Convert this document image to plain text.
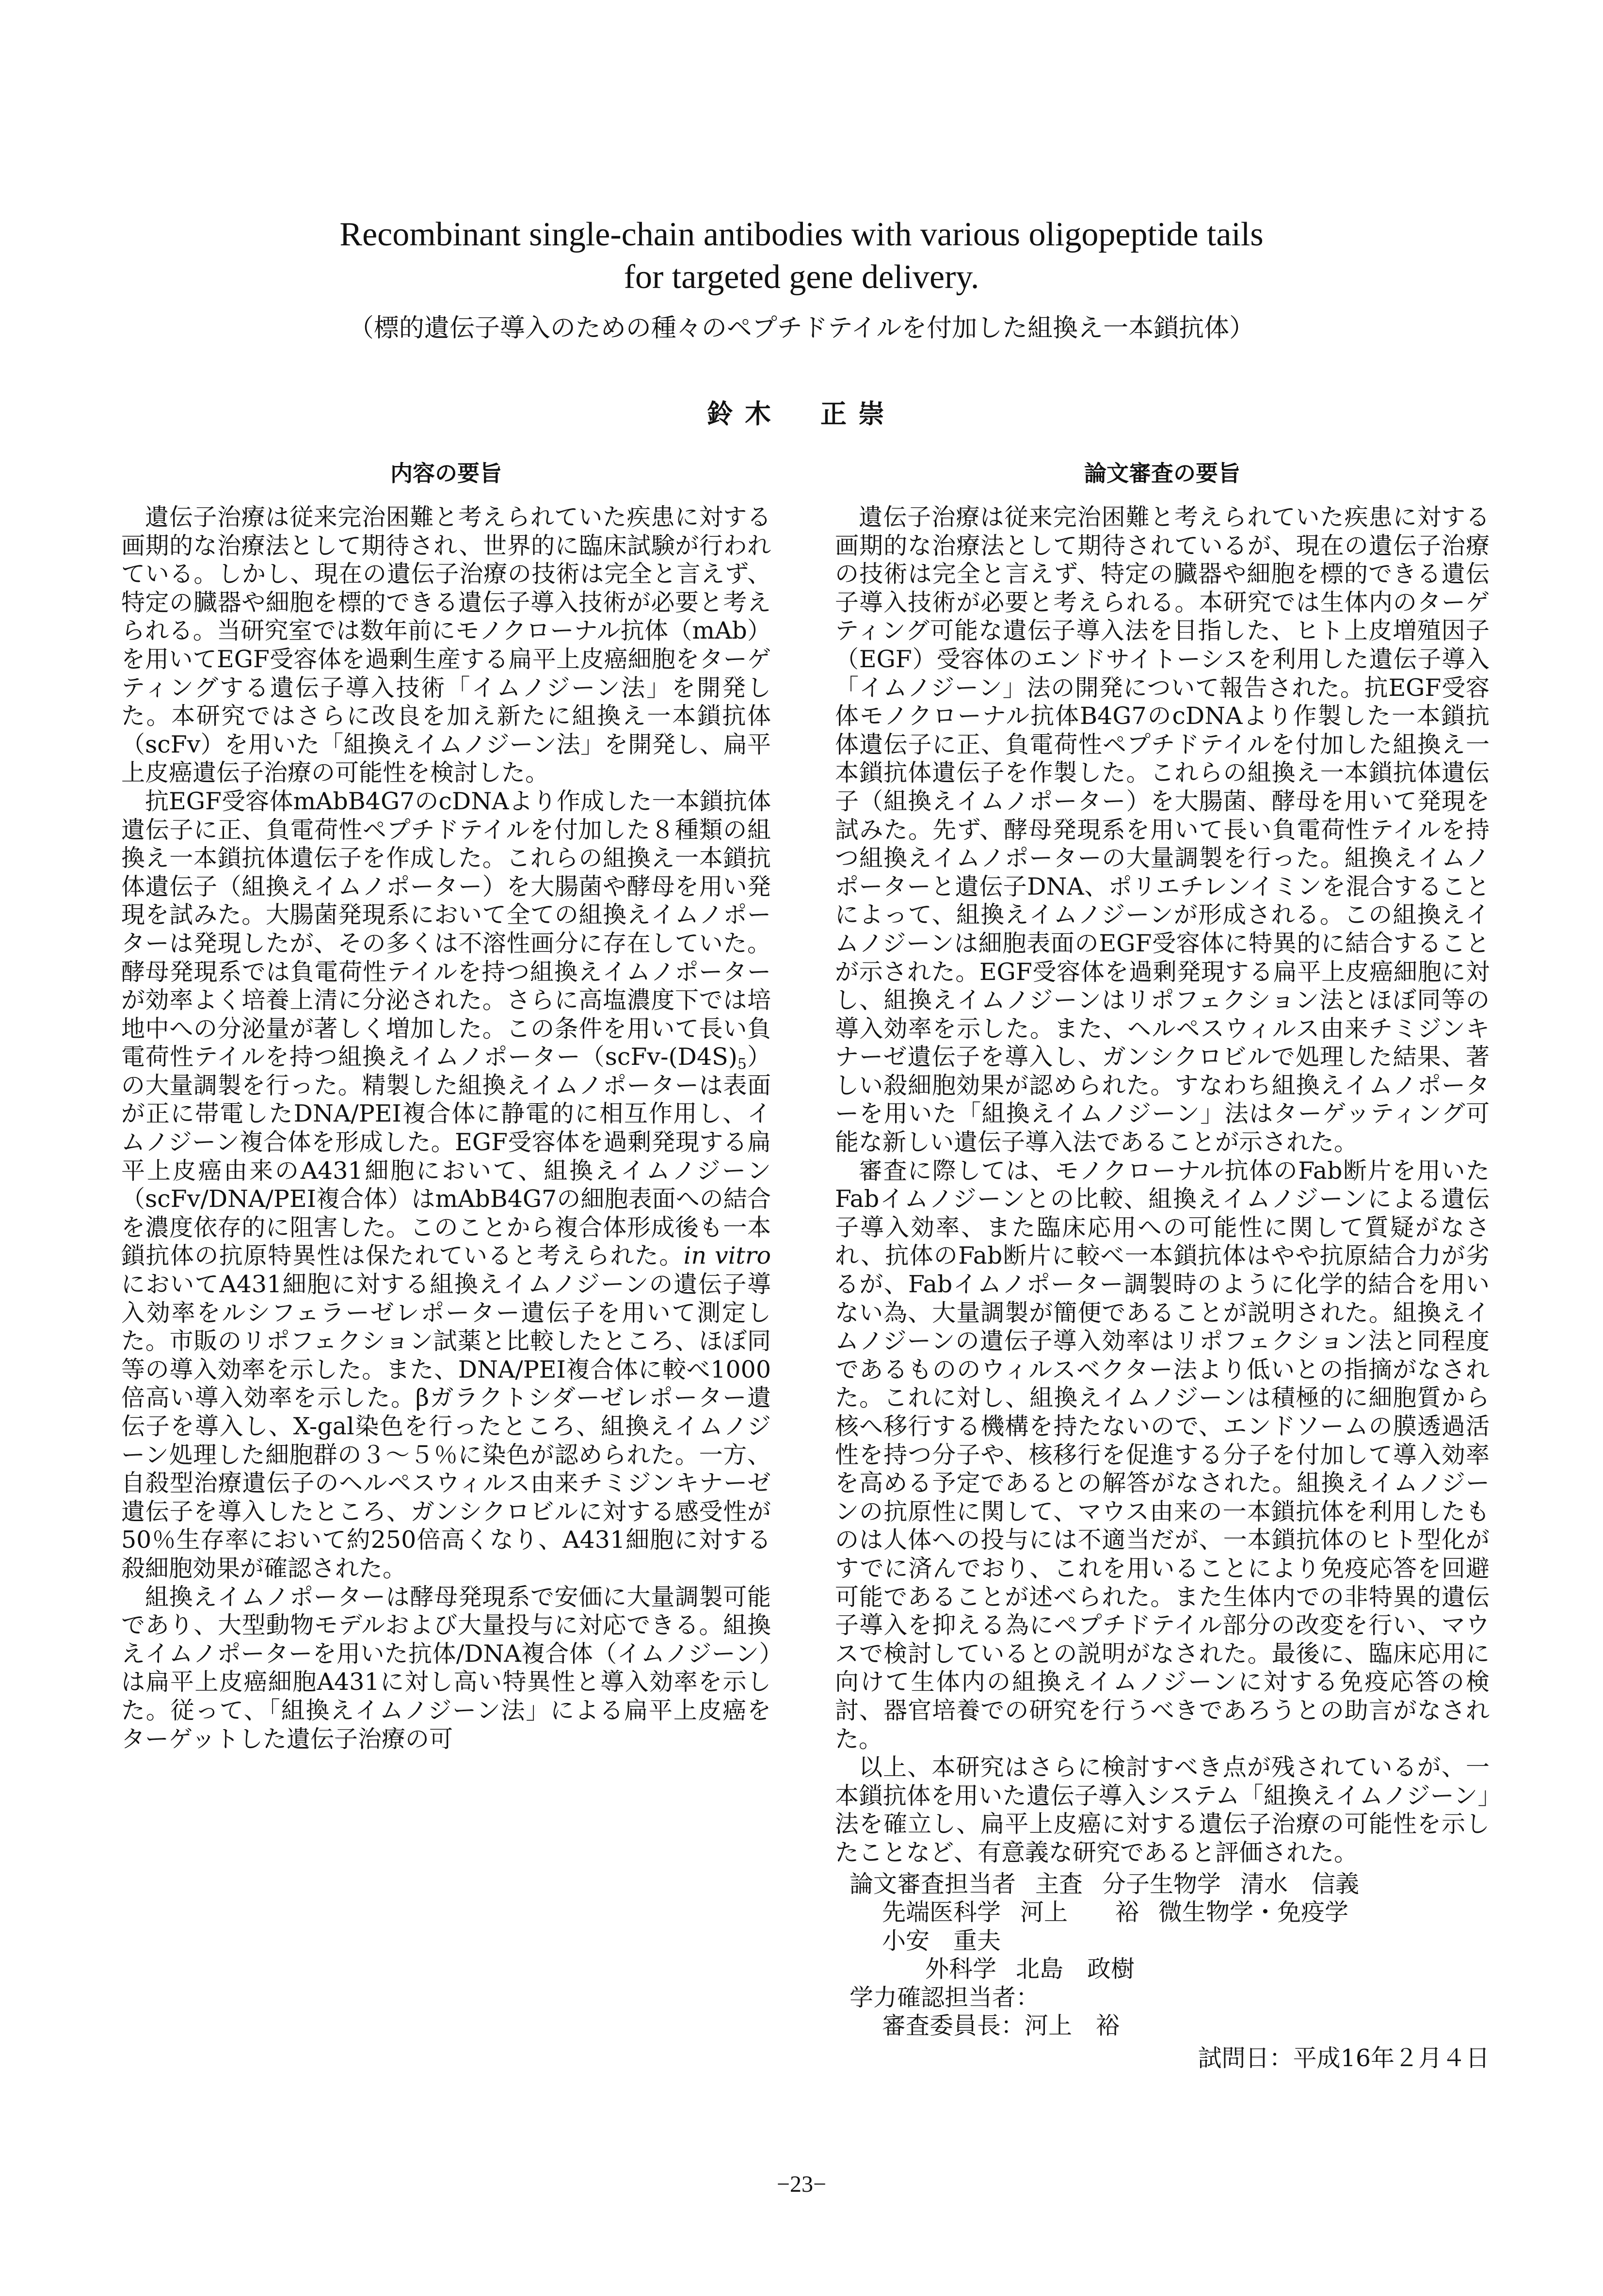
Recombinant single-chain antibodies with various oligopeptide tails
for targeted gene delivery.
（標的遺伝子導入のための種々のペプチドテイルを付加した組換え一本鎖抗体）
鈴木　正崇
内容の要旨

遺伝子治療は従来完治困難と考えられていた疾患に対する画期的な治療法として期待され、世界的に臨床試験が行われている。しかし、現在の遺伝子治療の技術は完全と言えず、特定の臓器や細胞を標的できる遺伝子導入技術が必要と考えられる。当研究室では数年前にモノクローナル抗体（mAb）を用いてEGF受容体を過剰生産する扁平上皮癌細胞をターゲティングする遺伝子導入技術「イムノジーン法」を開発した。本研究ではさらに改良を加え新たに組換え一本鎖抗体（scFv）を用いた「組換えイムノジーン法」を開発し、扁平上皮癌遺伝子治療の可能性を検討した。

抗EGF受容体mAbB4G7のcDNAより作成した一本鎖抗体遺伝子に正、負電荷性ペプチドテイルを付加した８種類の組換え一本鎖抗体遺伝子を作成した。これらの組換え一本鎖抗体遺伝子（組換えイムノポーター）を大腸菌や酵母を用い発現を試みた。大腸菌発現系において全ての組換えイムノポーターは発現したが、その多くは不溶性画分に存在していた。酵母発現系では負電荷性テイルを持つ組換えイムノポーターが効率よく培養上清に分泌された。さらに高塩濃度下では培地中への分泌量が著しく増加した。この条件を用いて長い負電荷性テイルを持つ組換えイムノポーター$(scFv-(D4S)_5)$の大量調製を行った。精製した組換えイムノポーターは表面が正に帯電したDNA/PEI複合体に静電的に相互作用し、イムノジーン複合体を形成した。EGF受容体を過剰発現する扁平上皮癌由来のA431細胞において、組換えイムノジーン（scFv/DNA/PEI複合体）はmAbB4G7の細胞表面への結合を濃度依存的に阻害した。このことから複合体形成後も一本鎖抗体の抗原特異性は保たれていると考えられた。in vitroにおいてA431細胞に対する組換えイムノジーンの遺伝子導入効率をルシフェラーゼレポーター遺伝子を用いて測定した。市販のリポフェクション試薬と比較したところ、ほぼ同等の導入効率を示した。また、DNA/PEI複合体に較べ1000倍高い導入効率を示した。βガラクトシダーゼレポーター遺伝子を導入し、X-gal染色を行ったところ、組換えイムノジーン処理した細胞群の３～５％に染色が認められた。一方、自殺型治療遺伝子のヘルペスウィルス由来チミジンキナーゼ遺伝子を導入したところ、ガンシクロビルに対する感受性が50％生存率において約250倍高くなり、A431細胞に対する殺細胞効果が確認された。

組換えイムノポーターは酵母発現系で安価に大量調製可能であり、大型動物モデルおよび大量投与に対応できる。組換えイムノポーターを用いた抗体/DNA複合体（イムノジーン）は扁平上皮癌細胞A431に対し高い特異性と導入効率を示した。従って、「組換えイムノジーン法」による扁平上皮癌をターゲットした遺伝子治療の可

論文審査の要旨

遺伝子治療は従来完治困難と考えられていた疾患に対する画期的な治療法として期待されているが、現在の遺伝子治療の技術は完全と言えず、特定の臓器や細胞を標的できる遺伝子導入技術が必要と考えられる。本研究では生体内のターゲティング可能な遺伝子導入法を目指した、ヒト上皮増殖因子（EGF）受容体のエンドサイトーシスを利用した遺伝子導入「イムノジーン」法の開発について報告された。抗EGF受容体モノクローナル抗体B4G7のcDNAより作製した一本鎖抗体遺伝子に正、負電荷性ペプチドテイルを付加した組換え一本鎖抗体遺伝子を作製した。これらの組換え一本鎖抗体遺伝子（組換えイムノポーター）を大腸菌、酵母を用いて発現を試みた。先ず、酵母発現系を用いて長い負電荷性テイルを持つ組換えイムノポーターの大量調製を行った。組換えイムノポーターと遺伝子DNA、ポリエチレンイミンを混合することによって、組換えイムノジーンが形成される。この組換えイムノジーンは細胞表面のEGF受容体に特異的に結合することが示された。EGF受容体を過剰発現する扁平上皮癌細胞に対し、組換えイムノジーンはリポフェクション法とほぼ同等の導入効率を示した。また、ヘルペスウィルス由来チミジンキナーゼ遺伝子を導入し、ガンシクロビルで処理した結果、著しい殺細胞効果が認められた。すなわち組換えイムノポーターを用いた「組換えイムノジーン」法はターゲッティング可能な新しい遺伝子導入法であることが示された。

審査に際しては、モノクローナル抗体のFab断片を用いたFabイムノジーンとの比較、組換えイムノジーンによる遺伝子導入効率、また臨床応用への可能性に関して質疑がなされ、抗体のFab断片に較べ一本鎖抗体はやや抗原結合力が劣るが、Fabイムノポーター調製時のように化学的結合を用いない為、大量調製が簡便であることが説明された。組換えイムノジーンの遺伝子導入効率はリポフェクション法と同程度であるもののウィルスベクター法より低いとの指摘がなされた。これに対し、組換えイムノジーンは積極的に細胞質から核へ移行する機構を持たないので、エンドソームの膜透過活性を持つ分子や、核移行を促進する分子を付加して導入効率を高める予定であるとの解答がなされた。組換えイムノジーンの抗原性に関して、マウス由来の一本鎖抗体を利用したものは人体への投与には不適当だが、一本鎖抗体のヒト型化がすでに済んでおり、これを用いることにより免疫応答を回避可能であることが述べられた。また生体内での非特異的遺伝子導入を抑える為にペプチドテイル部分の改変を行い、マウスで検討しているとの説明がなされた。最後に、臨床応用に向けて生体内の組換えイムノジーンに対する免疫応答の検討、器官培養での研究を行うべきであろうとの助言がなされた。

以上、本研究はさらに検討すべき点が残されているが、一本鎖抗体を用いた遺伝子導入システム「組換えイムノジーン」法を確立し、扁平上皮癌に対する遺伝子治療の可能性を示したことなど、有意義な研究であると評価された。

論文審査担当者 主査 分子生物学 清水　信義
先端医科学 河上　　裕 微生物学・免疫学
小安　重夫
外科学 北島　政樹
学力確認担当者：
審査委員長：河上　裕
試問日：平成16年２月４日
−23−
